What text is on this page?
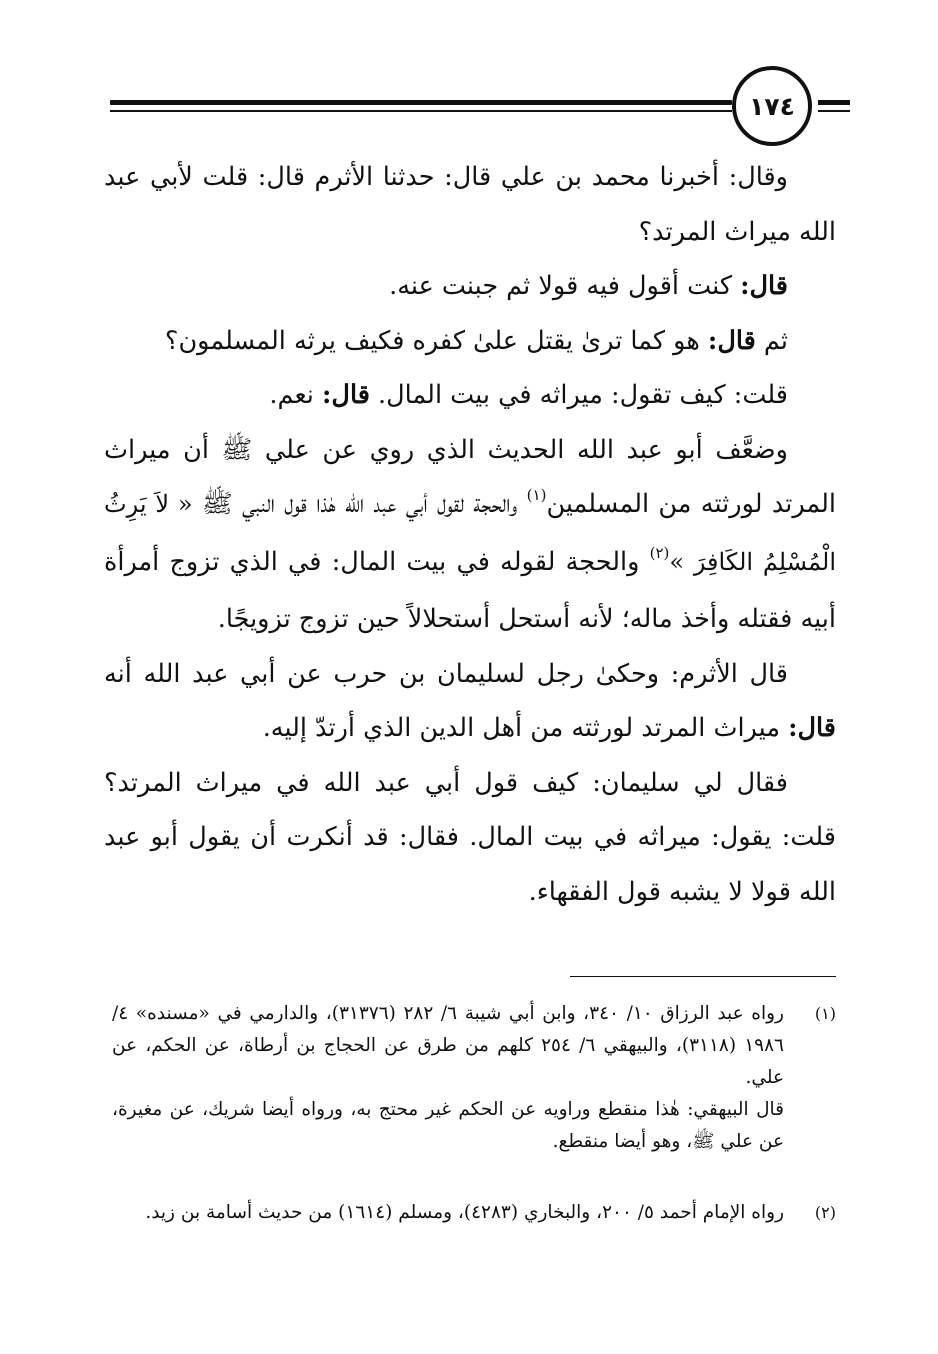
١٧٤

وقال: أخبرنا محمد بن علي قال: حدثنا الأثرم قال: قلت لأبي عبد الله ميراث المرتد؟

قال: كنت أقول فيه قولا ثم جبنت عنه.

ثم قال: هو كما ترىٰ يقتل علىٰ كفره فكيف يرثه المسلمون؟

قلت: كيف تقول: ميراثه في بيت المال. قال: نعم.

وضعَّف أبو عبد الله الحديث الذي روي عن علي ﷺ أن ميراث المرتد لورثته من المسلمين$^{(١)}$ والحجة لقول أبي عبد الله هٰذا قول النبي ﷺ « لاَ يَرِثُ الْمُسْلِمُ الكَافِرَ »$^{(٢)}$ والحجة لقوله في بيت المال: في الذي تزوج أمرأة أبيه فقتله وأخذ ماله؛ لأنه أستحل أستحلالاً حين تزوج تزويجًا.

قال الأثرم: وحكىٰ رجل لسليمان بن حرب عن أبي عبد الله أنه قال: ميراث المرتد لورثته من أهل الدين الذي أرتدّ إليه.

فقال لي سليمان: كيف قول أبي عبد الله في ميراث المرتد؟ قلت: يقول: ميراثه في بيت المال. فقال: قد أنكرت أن يقول أبو عبد الله قولا لا يشبه قول الفقهاء.

(١)

رواه عبد الرزاق ١٠/ ٣٤٠، وابن أبي شيبة ٦/ ٢٨٢ (٣١٣٧٦)، والدارمي في «مسنده» ٤/ ١٩٨٦ (٣١١٨)، والبيهقي ٦/ ٢٥٤ كلهم من طرق عن الحجاج بن أرطاة، عن الحكم، عن علي.

قال البيهقي: هٰذا منقطع وراويه عن الحكم غير محتج به، ورواه أيضا شريك، عن مغيرة، عن علي ﷺ، وهو أيضا منقطع.

(٢)

رواه الإمام أحمد ٥/ ٢٠٠، والبخاري (٤٢٨٣)، ومسلم (١٦١٤) من حديث أسامة بن زيد.
